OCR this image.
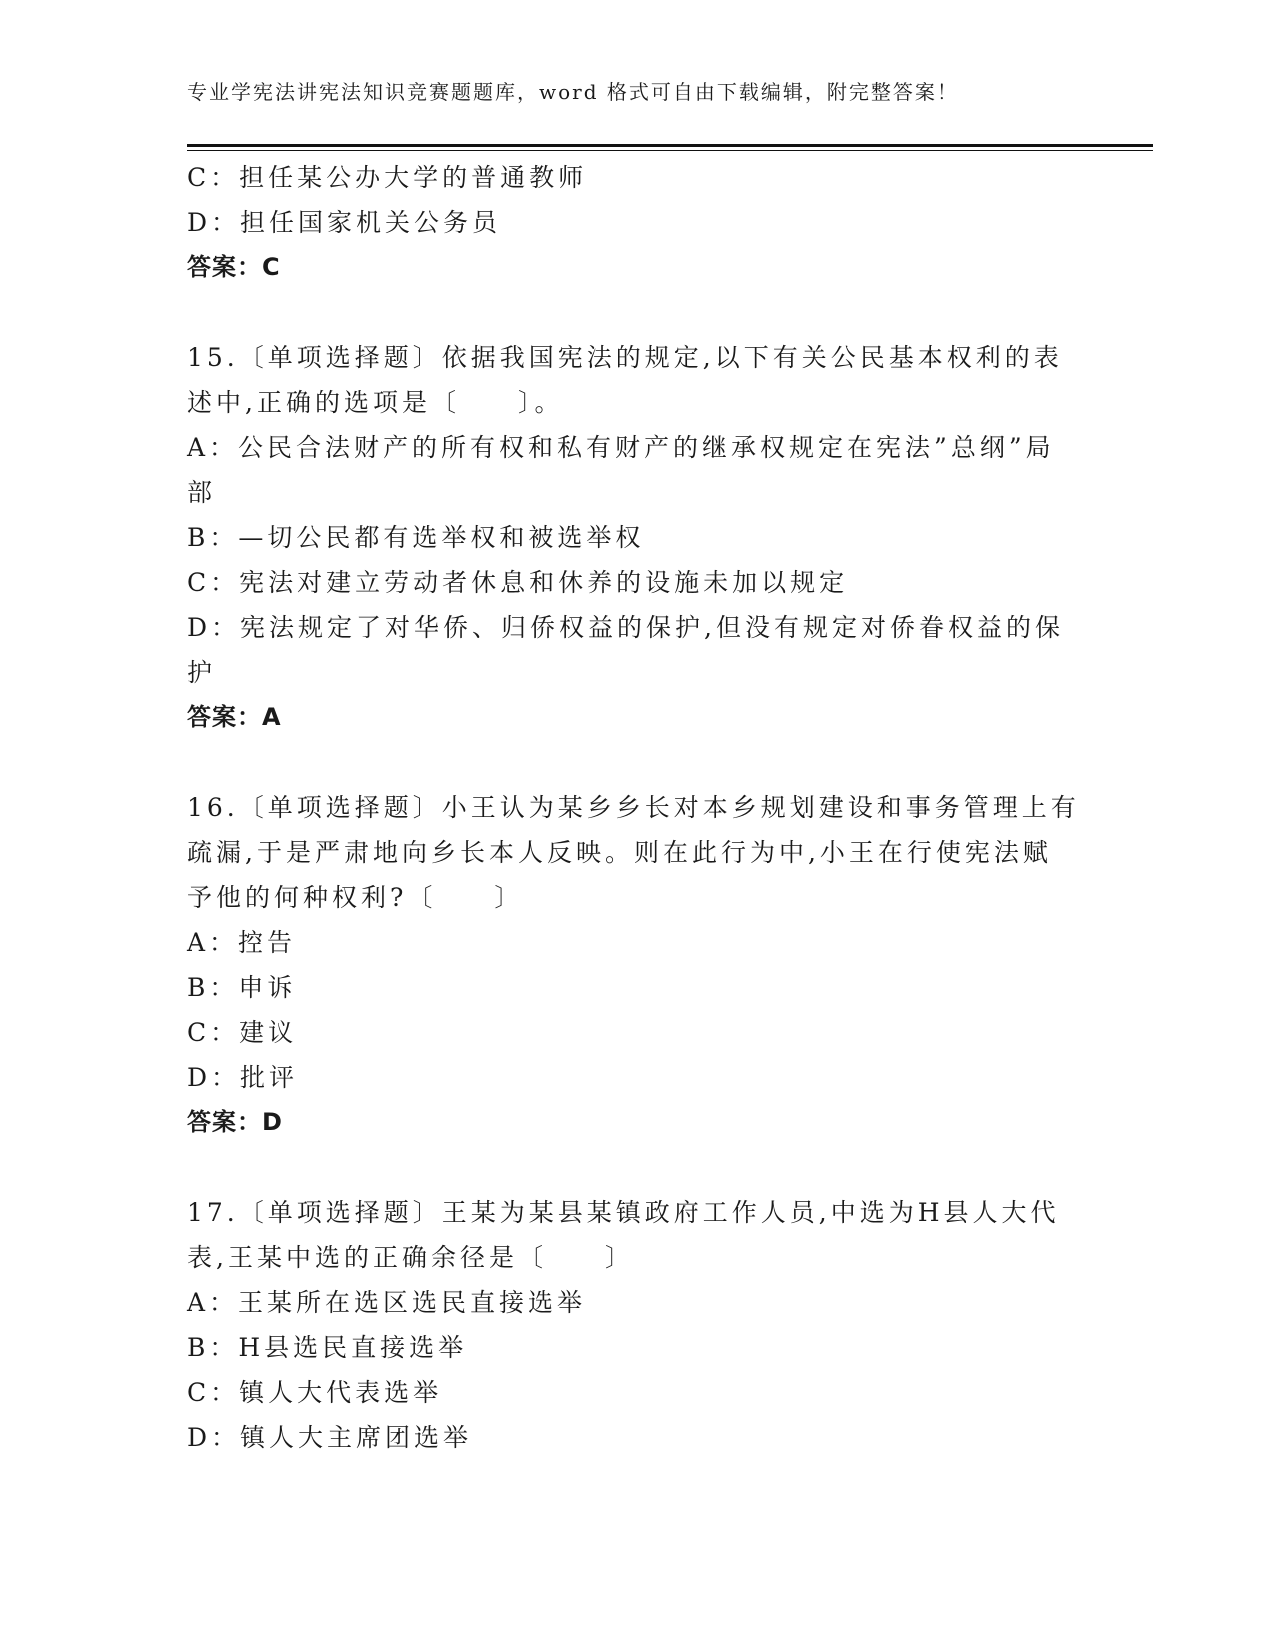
专业学宪法讲宪法知识竞赛题题库，word 格式可自由下载编辑，附完整答案！
C：担任某公办大学的普通教师
D：担任国家机关公务员
答案：C
15.〔单项选择题〕依据我国宪法的规定,以下有关公民基本权利的表
述中,正确的选项是〔　　〕。
A：公民合法财产的所有权和私有财产的继承权规定在宪法”总纲”局
部
B：—切公民都有选举权和被选举权
C：宪法对建立劳动者休息和休养的设施未加以规定
D：宪法规定了对华侨、归侨权益的保护,但没有规定对侨眷权益的保
护
答案：A
16.〔单项选择题〕小王认为某乡乡长对本乡规划建设和事务管理上有
疏漏,于是严肃地向乡长本人反映。则在此行为中,小王在行使宪法赋
予他的何种权利?〔　　〕
A：控告
B：申诉
C：建议
D：批评
答案：D
17.〔单项选择题〕王某为某县某镇政府工作人员,中选为H县人大代
表,王某中选的正确余径是〔　　〕
A：王某所在选区选民直接选举
B：H县选民直接选举
C：镇人大代表选举
D：镇人大主席团选举
